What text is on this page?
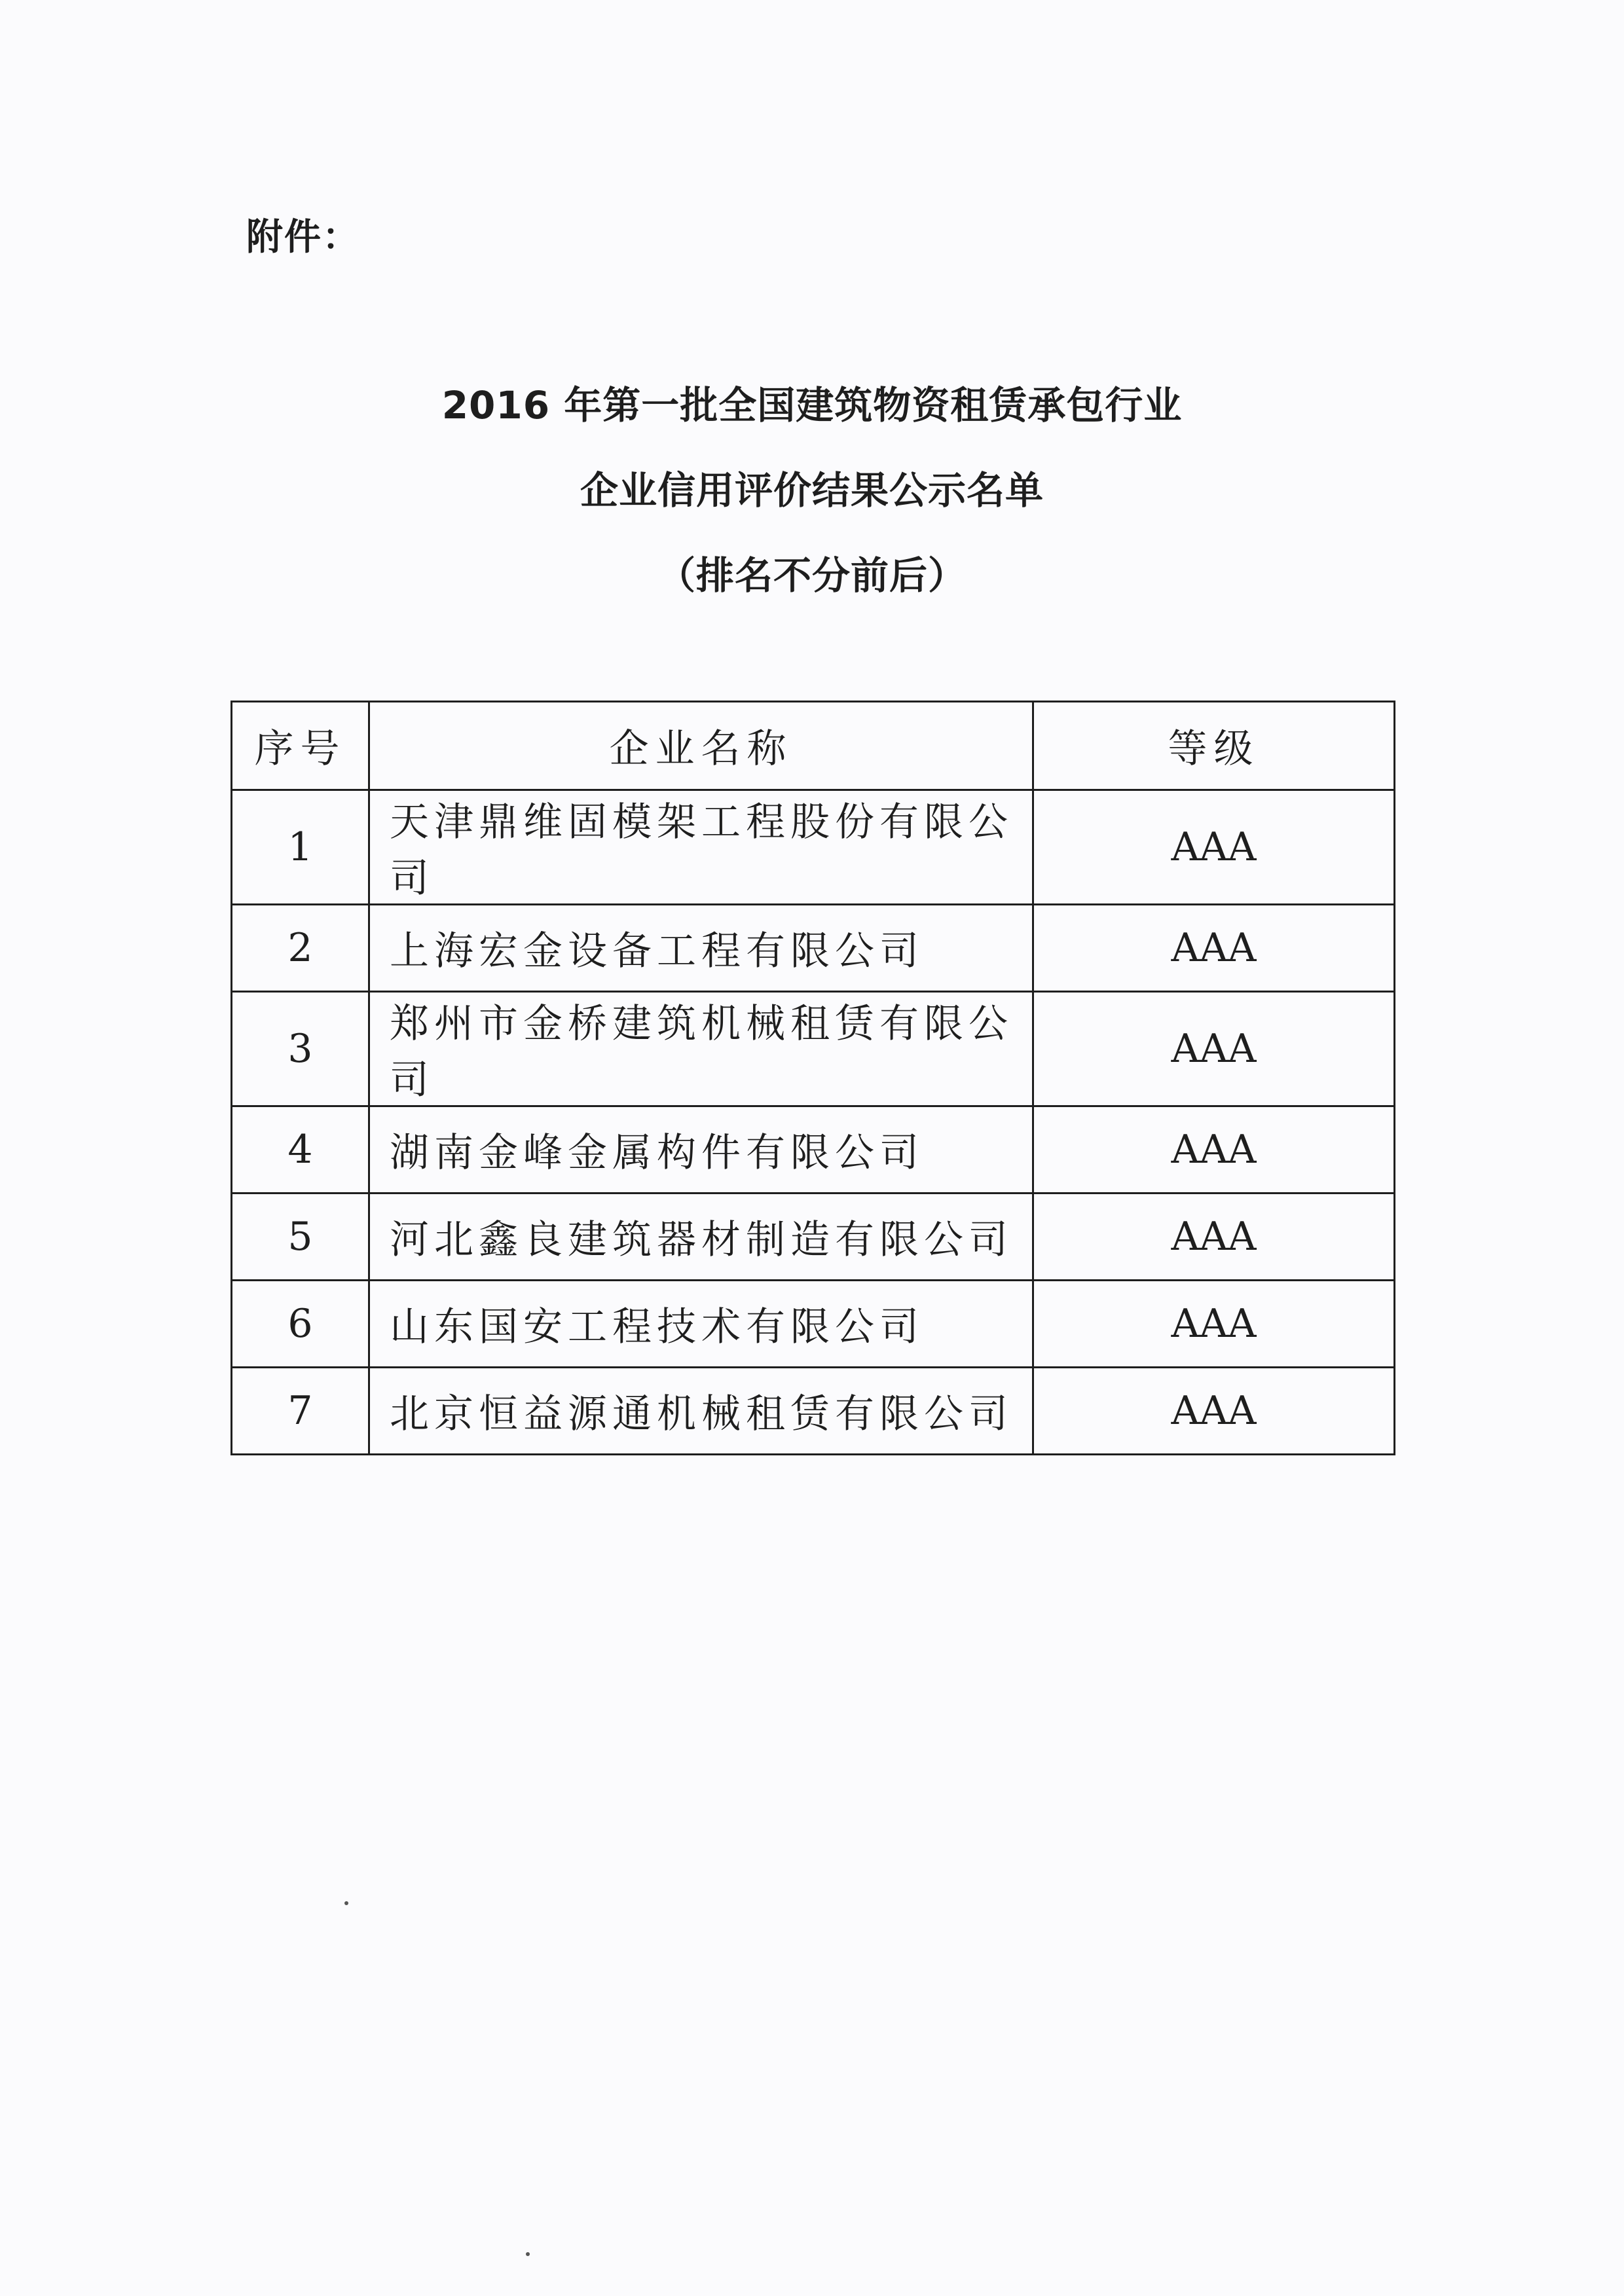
附件：
2016 年第一批全国建筑物资租赁承包行业
企业信用评价结果公示名单
（排名不分前后）
序号	企业名称	等级
1	天津鼎维固模架工程股份有限公司	AAA
2	上海宏金设备工程有限公司	AAA
3	郑州市金桥建筑机械租赁有限公司	AAA
4	湖南金峰金属构件有限公司	AAA
5	河北鑫良建筑器材制造有限公司	AAA
6	山东国安工程技术有限公司	AAA
7	北京恒益源通机械租赁有限公司	AAA
